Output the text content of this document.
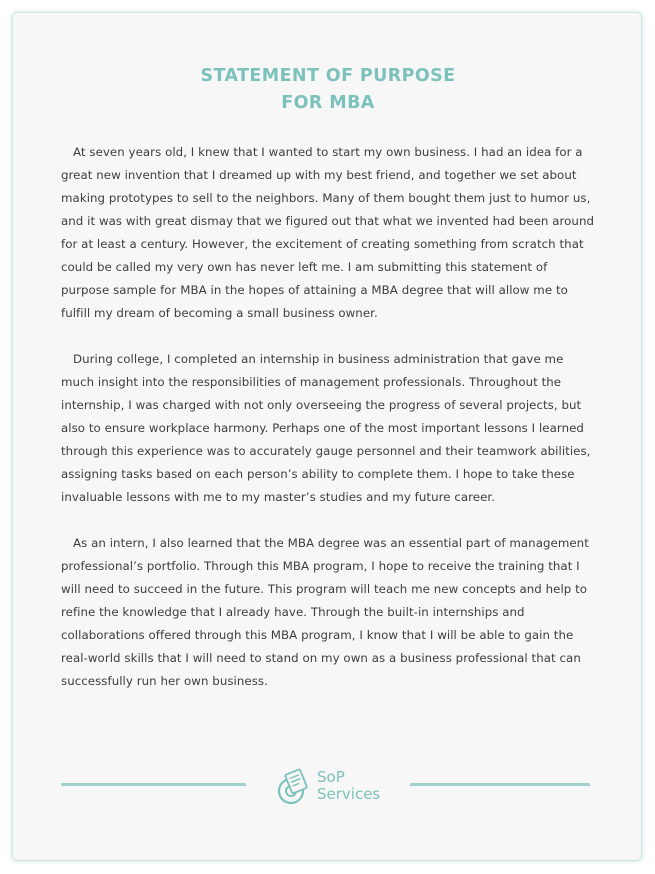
STATEMENT OF PURPOSE
FOR MBA

At seven years old, I knew that I wanted to start my own business. I had an idea for a great new invention that I dreamed up with my best friend, and together we set about making prototypes to sell to the neighbors. Many of them bought them just to humor us, and it was with great dismay that we figured out that what we invented had been around for at least a century. However, the excitement of creating something from scratch that could be called my very own has never left me. I am submitting this statement of purpose sample for MBA in the hopes of attaining a MBA degree that will allow me to fulfill my dream of becoming a small business owner.

During college, I completed an internship in business administration that gave me much insight into the responsibilities of management professionals. Throughout the internship, I was charged with not only overseeing the progress of several projects, but also to ensure workplace harmony. Perhaps one of the most important lessons I learned through this experience was to accurately gauge personnel and their teamwork abilities, assigning tasks based on each person’s ability to complete them. I hope to take these invaluable lessons with me to my master’s studies and my future career.

As an intern, I also learned that the MBA degree was an essential part of management professional’s portfolio. Through this MBA program, I hope to receive the training that I will need to succeed in the future. This program will teach me new concepts and help to refine the knowledge that I already have. Through the built-in internships and collaborations offered through this MBA program, I know that I will be able to gain the real-world skills that I will need to stand on my own as a business professional that can successfully run her own business.

SoP
Services
